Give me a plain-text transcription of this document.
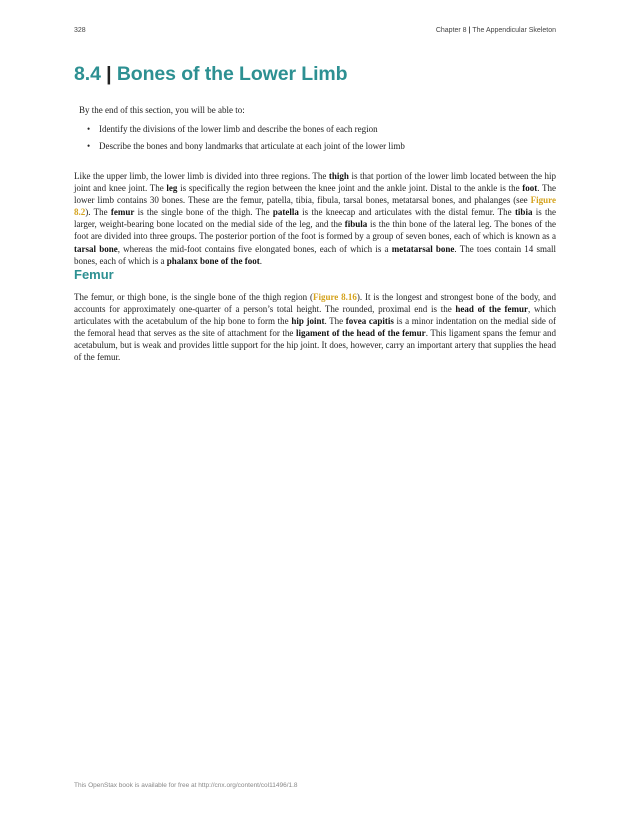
328	Chapter 8 | The Appendicular Skeleton
8.4 | Bones of the Lower Limb
By the end of this section, you will be able to:
• Identify the divisions of the lower limb and describe the bones of each region
• Describe the bones and bony landmarks that articulate at each joint of the lower limb

Like the upper limb, the lower limb is divided into three regions. The thigh is that portion of the lower limb located between the hip joint and knee joint. The leg is specifically the region between the knee joint and the ankle joint. Distal to the ankle is the foot. The lower limb contains 30 bones. These are the femur, patella, tibia, fibula, tarsal bones, metatarsal bones, and phalanges (see Figure 8.2). The femur is the single bone of the thigh. The patella is the kneecap and articulates with the distal femur. The tibia is the larger, weight-bearing bone located on the medial side of the leg, and the fibula is the thin bone of the lateral leg. The bones of the foot are divided into three groups. The posterior portion of the foot is formed by a group of seven bones, each of which is known as a tarsal bone, whereas the mid-foot contains five elongated bones, each of which is a metatarsal bone. The toes contain 14 small bones, each of which is a phalanx bone of the foot.

Femur

The femur, or thigh bone, is the single bone of the thigh region (Figure 8.16). It is the longest and strongest bone of the body, and accounts for approximately one-quarter of a person’s total height. The rounded, proximal end is the head of the femur, which articulates with the acetabulum of the hip bone to form the hip joint. The fovea capitis is a minor indentation on the medial side of the femoral head that serves as the site of attachment for the ligament of the head of the femur. This ligament spans the femur and acetabulum, but is weak and provides little support for the hip joint. It does, however, carry an important artery that supplies the head of the femur.

This OpenStax book is available for free at http://cnx.org/content/col11496/1.8
